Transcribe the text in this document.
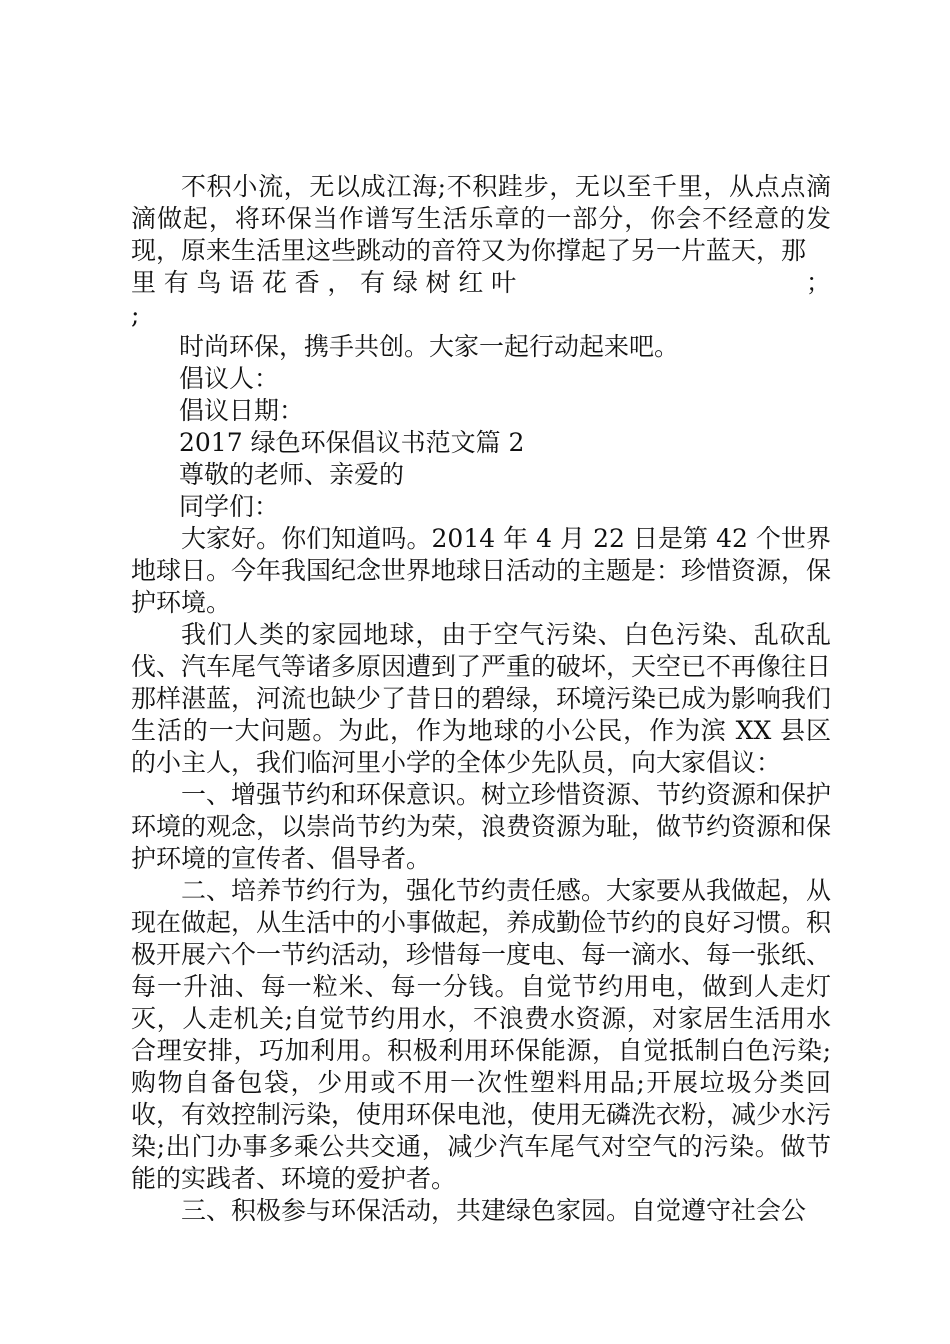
不积小流，无以成江海;不积跬步，无以至千里，从点点滴滴做起，将环保当作谱写生活乐章的一部分，你会不经意的发现，原来生活里这些跳动的音符又为你撑起了另一片蓝天，那

里 有 鸟 语 花 香 ， 有 绿 树 红 叶	；

;

时尚环保，携手共创。大家一起行动起来吧。

倡议人：

倡议日期：

2017 绿色环保倡议书范文篇 2

尊敬的老师、亲爱的

同学们：

大家好。你们知道吗。2014 年 4 月 22 日是第 42 个世界地球日。今年我国纪念世界地球日活动的主题是：珍惜资源，保护环境。

我们人类的家园地球，由于空气污染、白色污染、乱砍乱伐、汽车尾气等诸多原因遭到了严重的破坏，天空已不再像往日那样湛蓝，河流也缺少了昔日的碧绿，环境污染已成为影响我们生活的一大问题。为此，作为地球的小公民，作为滨 XX 县区的小主人，我们临河里小学的全体少先队员，向大家倡议：

一、增强节约和环保意识。树立珍惜资源、节约资源和保护环境的观念，以崇尚节约为荣，浪费资源为耻，做节约资源和保护环境的宣传者、倡导者。

二、培养节约行为，强化节约责任感。大家要从我做起，从现在做起，从生活中的小事做起，养成勤俭节约的良好习惯。积极开展六个一节约活动，珍惜每一度电、每一滴水、每一张纸、每一升油、每一粒米、每一分钱。自觉节约用电，做到人走灯灭，人走机关;自觉节约用水，不浪费水资源，对家居生活用水合理安排，巧加利用。积极利用环保能源，自觉抵制白色污染;购物自备包袋，少用或不用一次性塑料用品;开展垃圾分类回收，有效控制污染，使用环保电池，使用无磷洗衣粉，减少水污染;出门办事多乘公共交通，减少汽车尾气对空气的污染。做节能的实践者、环境的爱护者。

三、积极参与环保活动，共建绿色家园。自觉遵守社会公
